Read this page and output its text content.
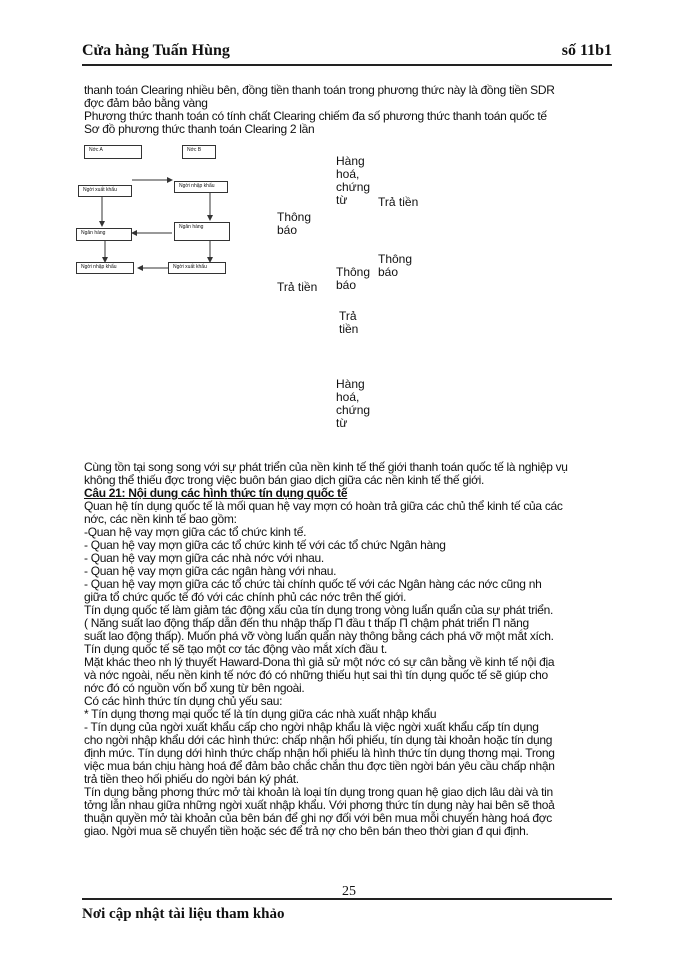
Cửa hàng Tuấn Hùng	số 11b1
thanh toán Clearing nhiều bên, đồng tiền thanh toán trong phương thức này là đồng tiền SDR
đợc đảm bảo bằng vàng
Phương thức thanh toán có tính chất Clearing chiếm đa số phương thức thanh toán quốc tế
Sơ đồ phương thức thanh toán Clearing 2 lần
Nớc A	Nớc B
Ngời xuất khẩu
Ngời nhập khẩu
Ngân hàng
Ngân hàng
Ngời nhập khẩu	Ngời xuất khẩu
Hàng hoá, chứng từ	Trả tiền
Thông báo
Thông báo
Trả tiền
Thông báo
Trả tiền
Hàng hoá, chứng từ
Cùng tồn tại song song với sự phát triển của nền kinh tế thế giới thanh toán quốc tế là nghiệp vụ
không thể thiếu đợc trong việc buôn bán giao dịch giữa các nền kinh tế thế giới.
Câu 21: Nội dung các hình thức tín dụng quốc tế
Quan hệ tín dụng quốc tế là mối quan hệ vay mợn có hoàn trả giữa các chủ thể kinh tế của các
nớc, các nền kinh tế bao gồm:
-Quan hệ vay mợn giữa các tổ chức kinh tế.
- Quan hệ vay mợn giữa các tổ chức kinh tế với các tổ chức Ngân hàng
- Quan hệ vay mợn giữa các nhà nớc với nhau.
- Quan hệ vay mợn giữa các ngân hàng với nhau.
- Quan hệ vay mợn giữa các tổ chức tài chính quốc tế với các Ngân hàng các nớc cũng nh
giữa tổ chức quốc tế đó với các chính phủ các nớc trên thế giới.
Tín dụng quốc tế làm giảm tác động xấu của tín dụng trong vòng luẩn quẩn của sự phát triển.
( Năng suất lao động thấp dẫn đến thu nhập thấp Π đầu t thấp Π chậm phát triển Π năng
suất lao động thấp). Muốn phá vỡ vòng luẩn quẩn này thông bằng cách phá vỡ một mắt xích.
Tín dụng quốc tế sẽ tạo một cơ tác động vào mắt xích đầu t.
Mặt khác theo nh lý thuyết Haward-Dona thì giả sử một nớc có sự cân bằng về kinh tế nội địa
và nớc ngoài, nếu nền kinh tế nớc đó có những thiếu hụt sai thì tín dụng quốc tế sẽ giúp cho
nớc đó có nguồn vốn bổ xung từ bên ngoài.
Có các hình thức tín dụng chủ yếu sau:
* Tín dụng thơng mại quốc tế là tín dụng giữa các nhà xuất nhập khẩu
- Tín dụng của ngời xuất khẩu cấp cho ngời nhập khẩu là việc ngời xuất khẩu cấp tín dụng
cho ngời nhập khẩu dới các hình thức: chấp nhận hối phiếu, tín dụng tài khoản hoặc tín dụng
định mức. Tín dụng dới hình thức chấp nhận hối phiếu là hình thức tín dụng thơng mại. Trong
việc mua bán chịu hàng hoá để đảm bảo chắc chắn thu đợc tiền ngời bán yêu cầu chấp nhận
trả tiền theo hối phiếu do ngời bán ký phát.
Tín dụng bằng phơng thức mở tài khoản là loại tín dụng trong quan hệ giao dịch lâu dài và tin
tởng lẫn nhau giữa những ngời xuất nhập khẩu. Với phơng thức tín dụng này hai bên sẽ thoả
thuận quyền mở tài khoản của bên bán để ghi nợ đối với bên mua mỗi chuyến hàng hoá đợc
giao. Ngời mua sẽ chuyển tiền hoặc séc để trả nợ cho bên bán theo thời gian đ qui định.
Nơi cập nhật tài liệu tham khảo
25
